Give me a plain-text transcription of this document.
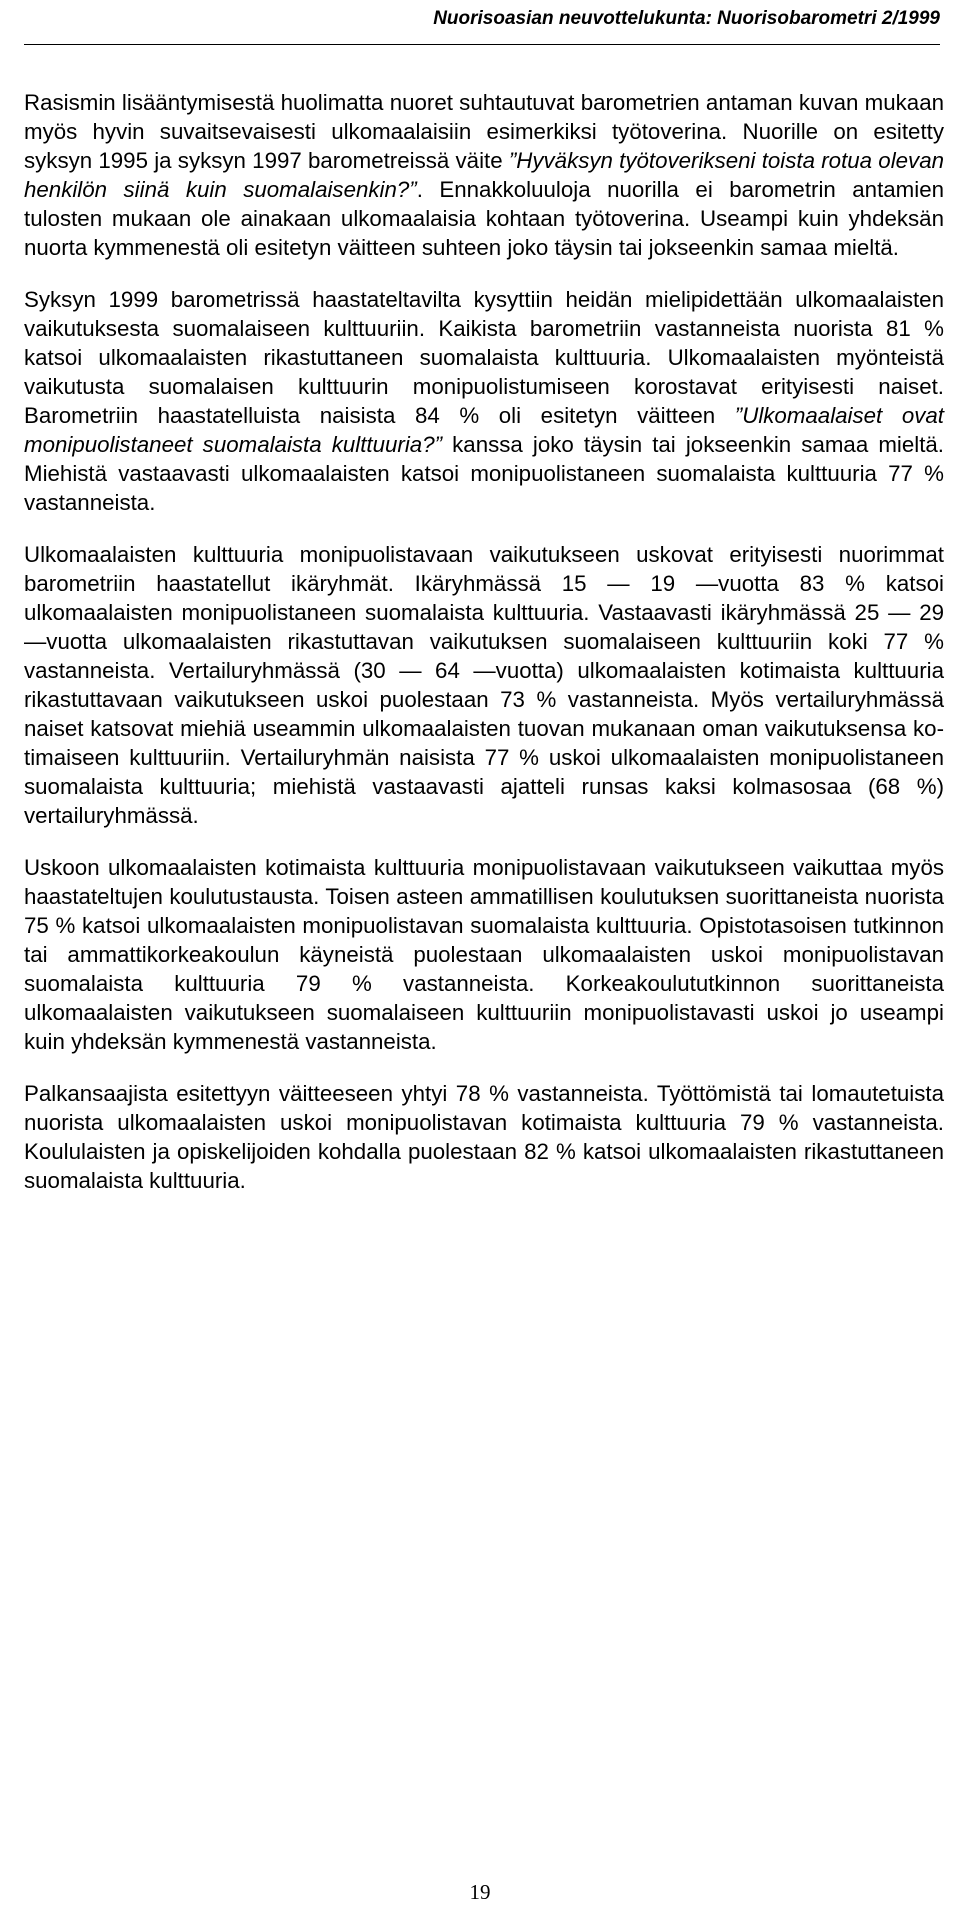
Nuorisoasian neuvottelukunta: Nuorisobarometri 2/1999

Rasismin lisääntymisestä huolimatta nuoret suhtautuvat barometrien antaman kuvan mukaan myös hyvin suvaitsevaisesti ulkomaalaisiin esimerkiksi työtoverina. Nuorille on esitetty syksyn 1995 ja syksyn 1997 barometreissä väite ”Hyväksyn työtoverikseni toista rotua olevan henkilön siinä kuin suomalaisenkin?”. Ennakkoluuloja nuorilla ei barometrin antamien tulosten mukaan ole ainakaan ulkomaalaisia kohtaan työtoverina. Useampi kuin yhdeksän nuorta kymmenestä oli esitetyn väitteen suhteen joko täysin tai jokseenkin samaa mieltä.

Syksyn 1999 barometrissä haastateltavilta kysyttiin heidän mielipidettään ulkomaalaisten vaikutuksesta suomalaiseen kulttuuriin. Kaikista barometriin vastanneista nuorista 81 % katsoi ulkomaalaisten rikastuttaneen suomalaista kulttuuria. Ulkomaalaisten myönteistä vaikutusta suomalaisen kulttuurin monipuolistumiseen korostavat erityisesti naiset. Barometriin haastatelluista naisista 84 % oli esitetyn väitteen ”Ulkomaalaiset ovat monipuolistaneet suomalaista kulttuuria?” kanssa joko täysin tai jokseenkin samaa mieltä. Miehistä vastaavasti ulkomaalaisten katsoi monipuolistaneen suomalaista kulttuuria 77 % vastanneista.

Ulkomaalaisten kulttuuria monipuolistavaan vaikutukseen uskovat erityisesti nuorimmat barometriin haastatellut ikäryhmät. Ikäryhmässä 15 — 19 —vuotta 83 % katsoi ulkomaalaisten monipuolistaneen suomalaista kulttuuria. Vastaavasti ikäryhmässä 25 — 29 —vuotta ulkomaalaisten rikastuttavan vaikutuksen suomalaiseen kulttuuriin koki 77 % vastanneista. Vertailuryhmässä (30 — 64 —vuotta) ulkomaalaisten kotimaista kulttuuria rikastuttavaan vaikutukseen uskoi puolestaan 73 % vastanneista. Myös vertailuryhmässä naiset katsovat miehiä useammin ulkomaalaisten tuovan mukanaan oman vaikutuksensa kotimaiseen kulttuuriin. Vertailuryhmän naisista 77 % uskoi ulkomaalaisten monipuolistaneen suomalaista kulttuuria; miehistä vastaavasti ajatteli runsas kaksi kolmasosaa (68 %) vertailuryhmässä.

Uskoon ulkomaalaisten kotimaista kulttuuria monipuolistavaan vaikutukseen vaikuttaa myös haastateltujen koulutustausta. Toisen asteen ammatillisen koulutuksen suorittaneista nuorista 75 % katsoi ulkomaalaisten monipuolistavan suomalaista kulttuuria. Opistotasoisen tutkinnon tai ammattikorkeakoulun käyneistä puolestaan ulkomaalaisten uskoi monipuolistavan suomalaista kulttuuria 79 % vastanneista. Korkeakoulututkinnon suorittaneista ulkomaalaisten vaikutukseen suomalaiseen kulttuuriin monipuolistavasti uskoi jo useampi kuin yhdeksän kymmenestä vastanneista.

Palkansaajista esitettyyn väitteeseen yhtyi 78 % vastanneista. Työttömistä tai lomautetuista nuorista ulkomaalaisten uskoi monipuolistavan kotimaista kulttuuria 79 % vastanneista. Koululaisten ja opiskelijoiden kohdalla puolestaan 82 % katsoi ulkomaalaisten rikastuttaneen suomalaista kulttuuria.

19
